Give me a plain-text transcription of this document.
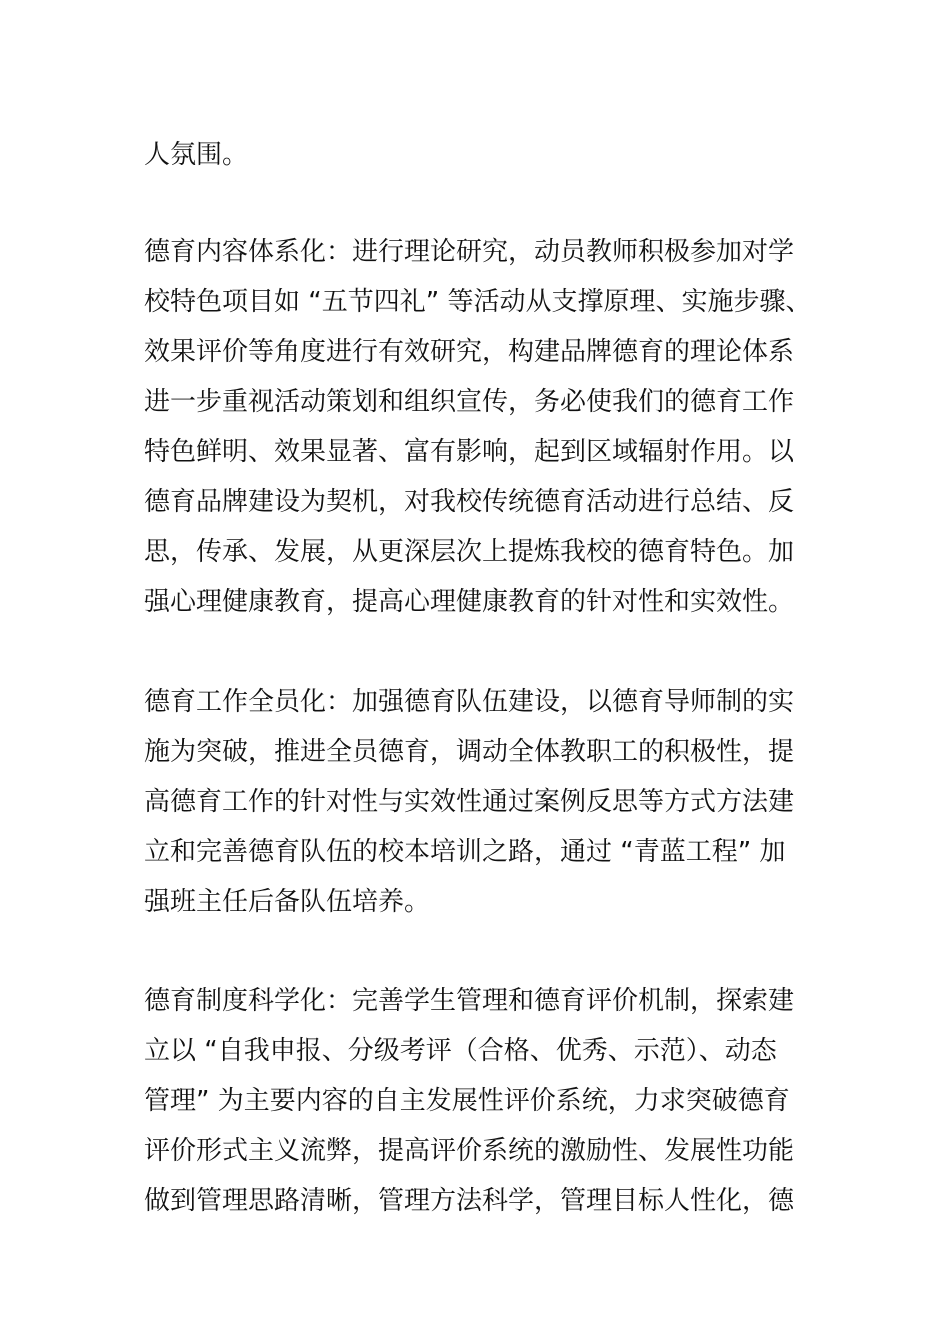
人氛围。
德育内容体系化：进行理论研究，动员教师积极参加对学
校特色项目如 “五节四礼” 等活动从支撑原理、实施步骤、
效果评价等角度进行有效研究，构建品牌德育的理论体系
进一步重视活动策划和组织宣传，务必使我们的德育工作
特色鲜明、效果显著、富有影响，起到区域辐射作用。以
德育品牌建设为契机，对我校传统德育活动进行总结、反
思，传承、发展，从更深层次上提炼我校的德育特色。加
强心理健康教育，提高心理健康教育的针对性和实效性。
德育工作全员化：加强德育队伍建设，以德育导师制的实
施为突破，推进全员德育，调动全体教职工的积极性，提
高德育工作的针对性与实效性通过案例反思等方式方法建
立和完善德育队伍的校本培训之路，通过 “青蓝工程” 加
强班主任后备队伍培养。
德育制度科学化：完善学生管理和德育评价机制，探索建
立以 “自我申报、分级考评（合格、优秀、示范）、动态
管理” 为主要内容的自主发展性评价系统，力求突破德育
评价形式主义流弊，提高评价系统的激励性、发展性功能
做到管理思路清晰，管理方法科学，管理目标人性化，德
